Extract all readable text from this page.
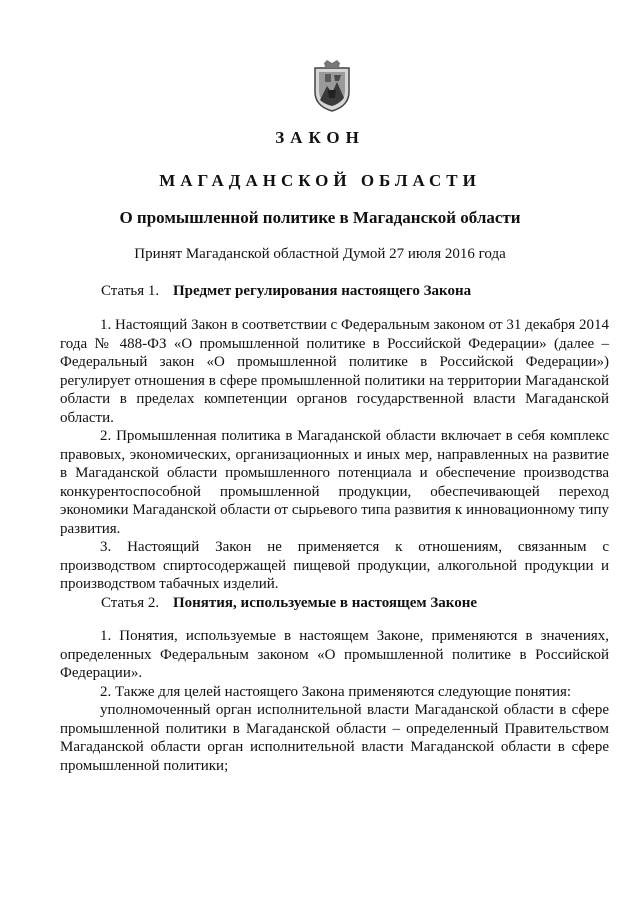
ЗАКОН
МАГАДАНСКОЙ ОБЛАСТИ
О промышленной политике в Магаданской области
Принят Магаданской областной Думой 27 июля 2016 года
Статья 1. Предмет регулирования настоящего Закона

1. Настоящий Закон в соответствии с Федеральным законом от 31 декабря 2014 года № 488-ФЗ «О промышленной политике в Российской Федерации» (далее – Федеральный закон «О промышленной политике в Российской Федерации») регулирует отношения в сфере промышленной политики на территории Магаданской области в пределах компетенции органов государственной власти Магаданской области.

2. Промышленная политика в Магаданской области включает в себя комплекс правовых, экономических, организационных и иных мер, направленных на развитие в Магаданской области промышленного потенциала и обеспечение производства конкурентоспособной промышленной продукции, обеспечивающей переход экономики Магаданской области от сырьевого типа развития к инновационному типу развития.

3. Настоящий Закон не применяется к отношениям, связанным с производством спиртосодержащей пищевой продукции, алкогольной продукции и производством табачных изделий.

Статья 2. Понятия, используемые в настоящем Законе

1. Понятия, используемые в настоящем Законе, применяются в значениях, определенных Федеральным законом «О промышленной политике в Российской Федерации».

2. Также для целей настоящего Закона применяются следующие понятия:

уполномоченный орган исполнительной власти Магаданской области в сфере промышленной политики в Магаданской области – определенный Правительством Магаданской области орган исполнительной власти Магаданской области в сфере промышленной политики;
